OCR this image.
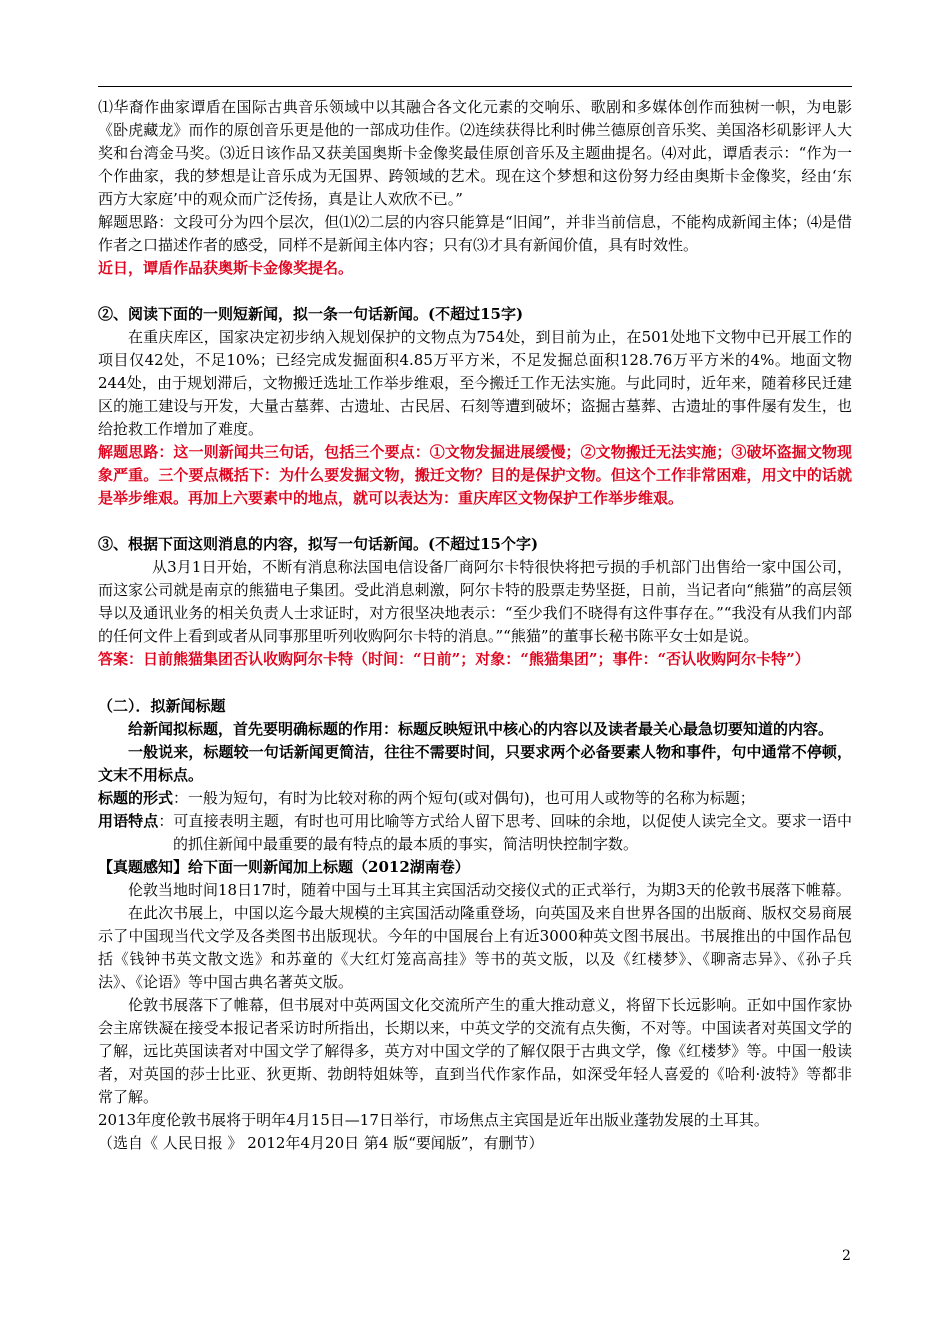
⑴华裔作曲家谭盾在国际古典音乐领域中以其融合各文化元素的交响乐、歌剧和多媒体创作而独树一帜，为电影《卧虎藏龙》而作的原创音乐更是他的一部成功佳作。⑵连续获得比利时佛兰德原创音乐奖、美国洛杉矶影评人大奖和台湾金马奖。⑶近日该作品又获美国奥斯卡金像奖最佳原创音乐及主题曲提名。⑷对此，谭盾表示：“作为一个作曲家，我的梦想是让音乐成为无国界、跨领域的艺术。现在这个梦想和这份努力经由奥斯卡金像奖，经由‘东西方大家庭’中的观众而广泛传扬，真是让人欢欣不已。”

解题思路：文段可分为四个层次，但⑴⑵二层的内容只能算是“旧闻”，并非当前信息，不能构成新闻主体；⑷是借作者之口描述作者的感受，同样不是新闻主体内容；只有⑶才具有新闻价值，具有时效性。

近日，谭盾作品获奥斯卡金像奖提名。

②、阅读下面的一则短新闻，拟一条一句话新闻。(不超过15字)

在重庆库区，国家决定初步纳入规划保护的文物点为754处，到目前为止，在501处地下文物中已开展工作的项目仅42处，不足10%；已经完成发掘面积4.85万平方米，不足发掘总面积128.76万平方米的4%。地面文物244处，由于规划滞后，文物搬迁选址工作举步维艰，至今搬迁工作无法实施。与此同时，近年来，随着移民迁建区的施工建设与开发，大量古墓葬、古遗址、古民居、石刻等遭到破坏；盗掘古墓葬、古遗址的事件屡有发生，也给抢救工作增加了难度。

解题思路：这一则新闻共三句话，包括三个要点：①文物发掘进展缓慢；②文物搬迁无法实施；③破坏盗掘文物现象严重。三个要点概括下：为什么要发掘文物，搬迁文物？目的是保护文物。但这个工作非常困难，用文中的话就是举步维艰。再加上六要素中的地点，就可以表达为：重庆库区文物保护工作举步维艰。

③、根据下面这则消息的内容，拟写一句话新闻。(不超过15个字)

从3月1日开始，不断有消息称法国电信设备厂商阿尔卡特很快将把亏损的手机部门出售给一家中国公司，而这家公司就是南京的熊猫电子集团。受此消息刺激，阿尔卡特的股票走势坚挺，日前，当记者向“熊猫”的高层领导以及通讯业务的相关负责人士求证时，对方很坚决地表示：“至少我们不晓得有这件事存在。”“我没有从我们内部的任何文件上看到或者从同事那里听列收购阿尔卡特的消息。”“熊猫”的董事长秘书陈平女士如是说。

答案：日前熊猫集团否认收购阿尔卡特（时间：“日前”；对象：“熊猫集团”；事件：“否认收购阿尔卡特”）

（二）．拟新闻标题

给新闻拟标题，首先要明确标题的作用：标题反映短讯中核心的内容以及读者最关心最急切要知道的内容。

一般说来，标题较一句话新闻更简洁，往往不需要时间，只要求两个必备要素人物和事件，句中通常不停顿，文末不用标点。

标题的形式：一般为短句，有时为比较对称的两个短句(或对偶句)，也可用人或物等的名称为标题；

用语特点：可直接表明主题，有时也可用比喻等方式给人留下思考、回味的余地，以促使人读完全文。要求一语中的抓住新闻中最重要的最有特点的最本质的事实，简洁明快控制字数。

【真题感知】给下面一则新闻加上标题（2012湖南卷）

伦敦当地时间18日17时，随着中国与土耳其主宾国活动交接仪式的正式举行，为期3天的伦敦书展落下帷幕。

在此次书展上，中国以迄今最大规模的主宾国活动隆重登场，向英国及来自世界各国的出版商、版权交易商展示了中国现当代文学及各类图书出版现状。今年的中国展台上有近3000种英文图书展出。书展推出的中国作品包括《钱钟书英文散文选》和苏童的《大红灯笼高高挂》等书的英文版，以及《红楼梦》、《聊斋志异》、《孙子兵法》、《论语》等中国古典名著英文版。

伦敦书展落下了帷幕，但书展对中英两国文化交流所产生的重大推动意义，将留下长远影响。正如中国作家协会主席铁凝在接受本报记者采访时所指出，长期以来，中英文学的交流有点失衡，不对等。中国读者对英国文学的了解，远比英国读者对中国文学了解得多，英方对中国文学的了解仅限于古典文学，像《红楼梦》等。中国一般读者，对英国的莎士比亚、狄更斯、勃朗特姐妹等，直到当代作家作品，如深受年轻人喜爱的《哈利·波特》等都非常了解。

2013年度伦敦书展将于明年4月15日—17日举行，市场焦点主宾国是近年出版业蓬勃发展的土耳其。

（选自《 人民日报 》 2012年4月20日 第4 版“要闻版”，有删节）

2
